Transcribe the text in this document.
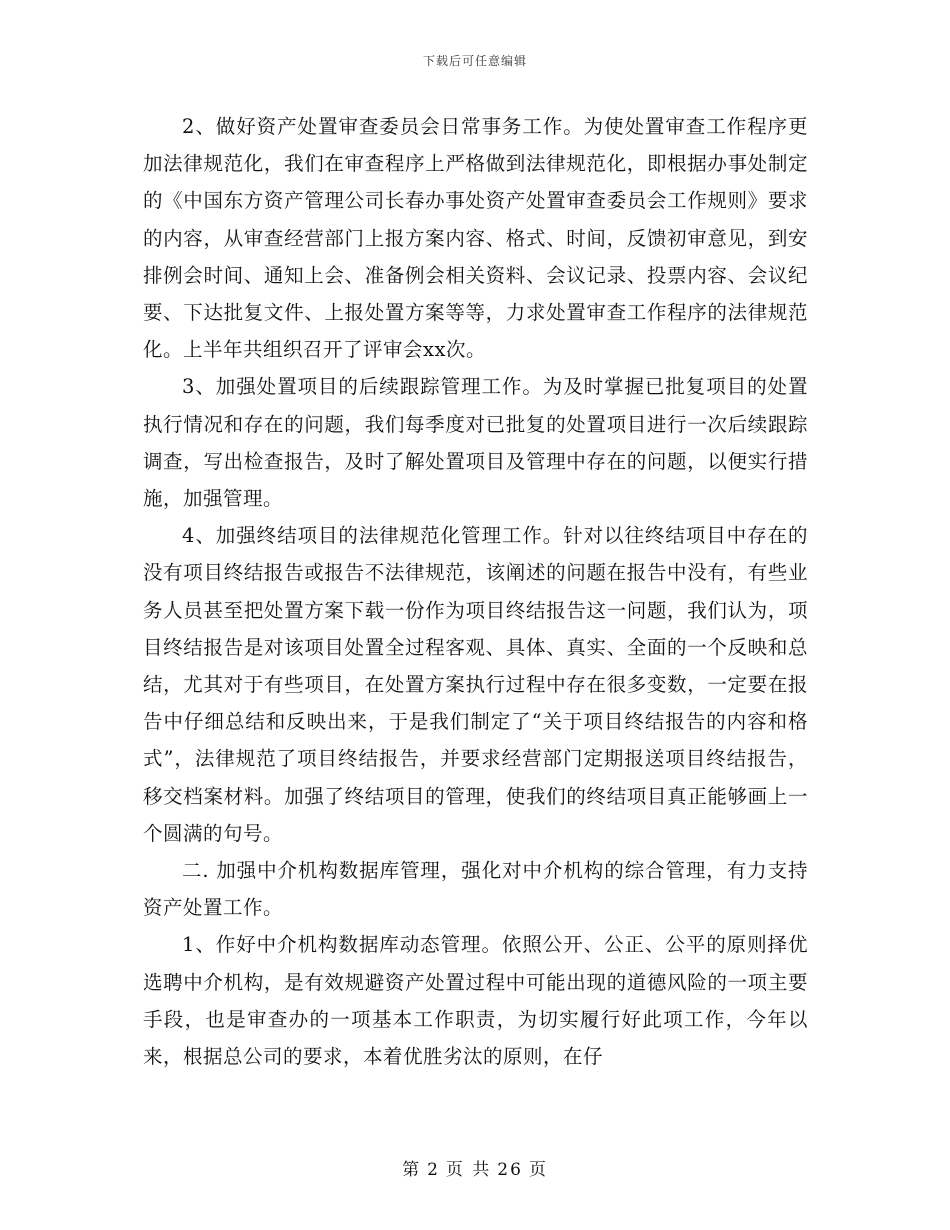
下载后可任意编辑

2、做好资产处置审查委员会日常事务工作。为使处置审查工作程序更加法律规范化，我们在审查程序上严格做到法律规范化，即根据办事处制定的《中国东方资产管理公司长春办事处资产处置审查委员会工作规则》要求的内容，从审查经营部门上报方案内容、格式、时间，反馈初审意见，到安排例会时间、通知上会、准备例会相关资料、会议记录、投票内容、会议纪要、下达批复文件、上报处置方案等等，力求处置审查工作程序的法律规范化。上半年共组织召开了评审会xx次。

3、加强处置项目的后续跟踪管理工作。为及时掌握已批复项目的处置执行情况和存在的问题，我们每季度对已批复的处置项目进行一次后续跟踪调查，写出检查报告，及时了解处置项目及管理中存在的问题，以便实行措施，加强管理。

4、加强终结项目的法律规范化管理工作。针对以往终结项目中存在的没有项目终结报告或报告不法律规范，该阐述的问题在报告中没有，有些业务人员甚至把处置方案下载一份作为项目终结报告这一问题，我们认为，项目终结报告是对该项目处置全过程客观、具体、真实、全面的一个反映和总结，尤其对于有些项目，在处置方案执行过程中存在很多变数，一定要在报告中仔细总结和反映出来，于是我们制定了“关于项目终结报告的内容和格式”，法律规范了项目终结报告，并要求经营部门定期报送项目终结报告，移交档案材料。加强了终结项目的管理，使我们的终结项目真正能够画上一个圆满的句号。

二. 加强中介机构数据库管理，强化对中介机构的综合管理，有力支持资产处置工作。

1、作好中介机构数据库动态管理。依照公开、公正、公平的原则择优选聘中介机构，是有效规避资产处置过程中可能出现的道德风险的一项主要手段，也是审查办的一项基本工作职责，为切实履行好此项工作，今年以来，根据总公司的要求，本着优胜劣汰的原则，在仔

第 2 页 共 26 页
